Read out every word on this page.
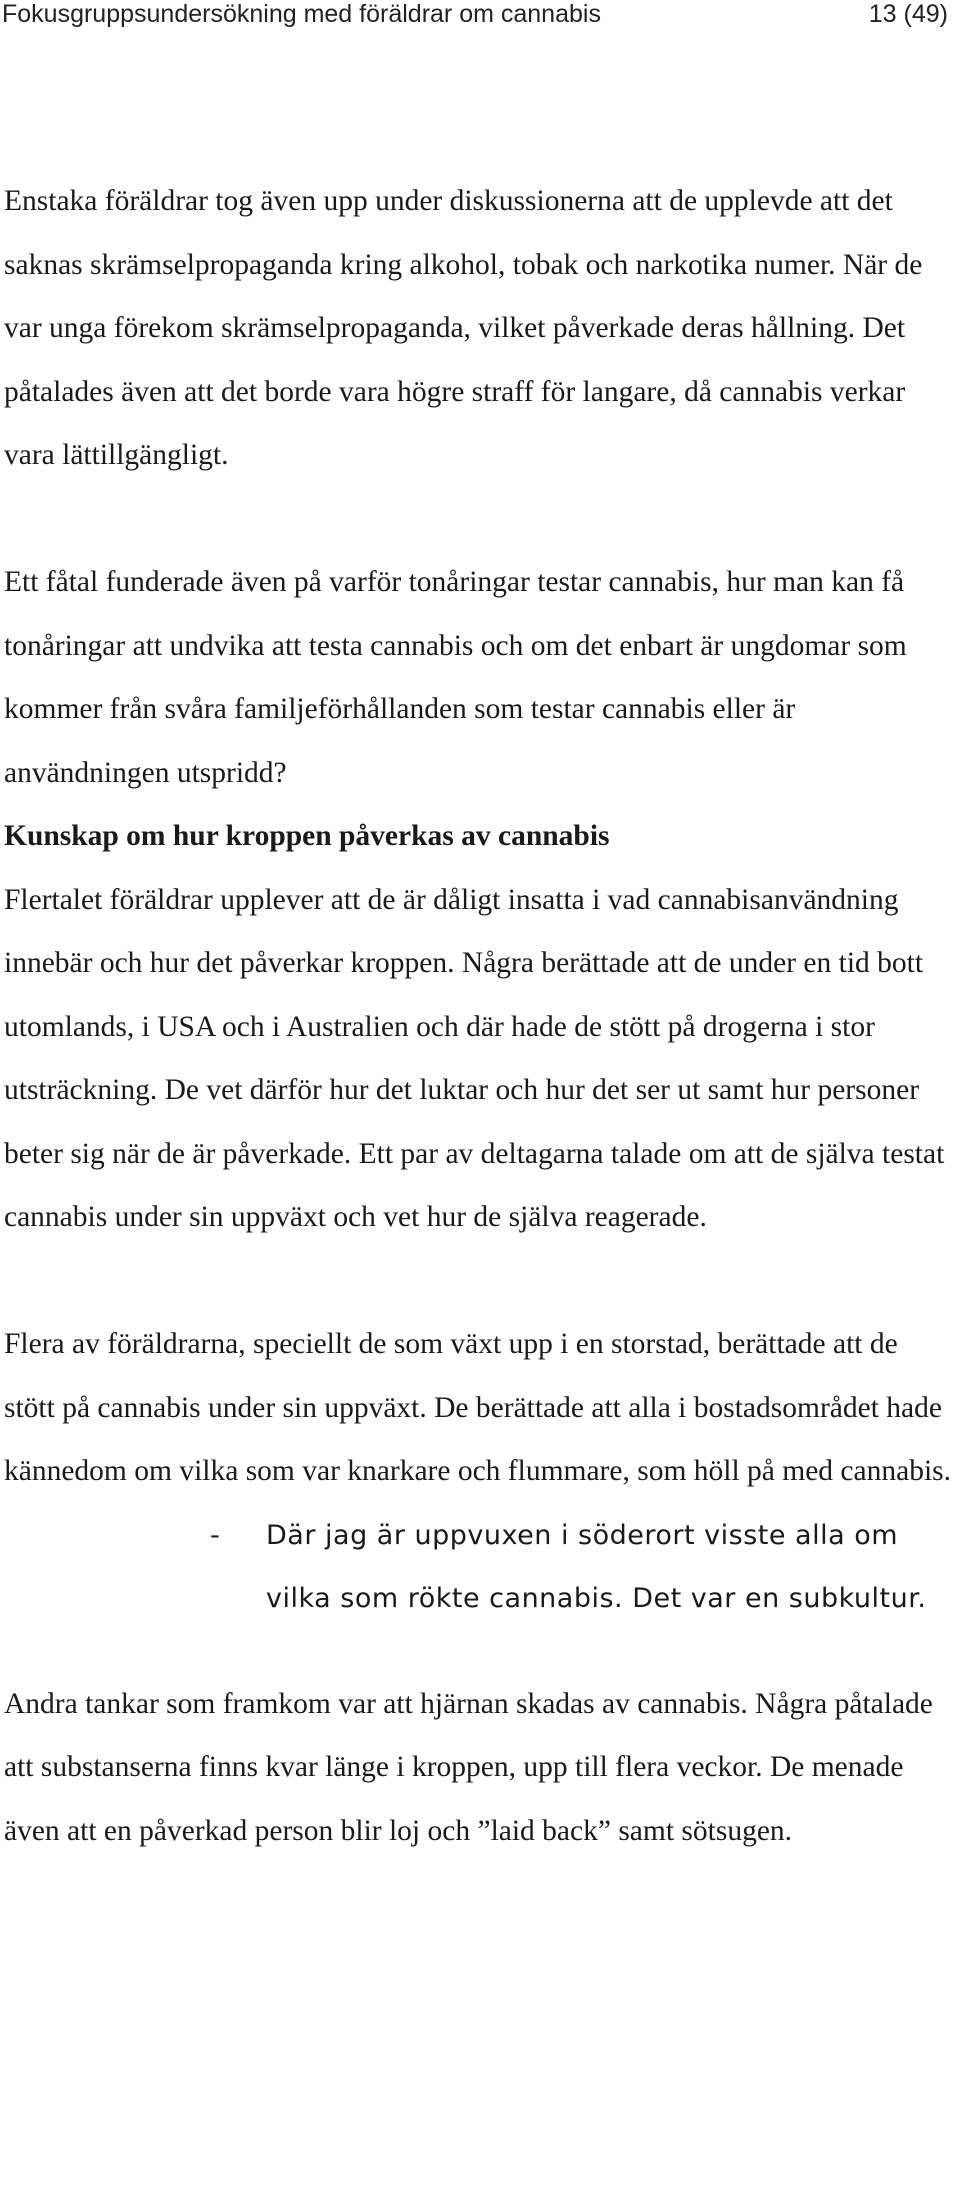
Fokusgruppsundersökning med föräldrar om cannabis	13 (49)

Enstaka föräldrar tog även upp under diskussionerna att de upplevde att det saknas skrämselpropaganda kring alkohol, tobak och narkotika numer. När de var unga förekom skrämselpropaganda, vilket påverkade deras hållning. Det påtalades även att det borde vara högre straff för langare, då cannabis verkar vara lättillgängligt.

Ett fåtal funderade även på varför tonåringar testar cannabis, hur man kan få tonåringar att undvika att testa cannabis och om det enbart är ungdomar som kommer från svåra familjeförhållanden som testar cannabis eller är användningen utspridd?

Kunskap om hur kroppen påverkas av cannabis

Flertalet föräldrar upplever att de är dåligt insatta i vad cannabisanvändning innebär och hur det påverkar kroppen. Några berättade att de under en tid bott utomlands, i USA och i Australien och där hade de stött på drogerna i stor utsträckning. De vet därför hur det luktar och hur det ser ut samt hur personer beter sig när de är påverkade. Ett par av deltagarna talade om att de själva testat cannabis under sin uppväxt och vet hur de själva reagerade.

Flera av föräldrarna, speciellt de som växt upp i en storstad, berättade att de stött på cannabis under sin uppväxt. De berättade att alla i bostadsområdet hade kännedom om vilka som var knarkare och flummare, som höll på med cannabis.

- Där jag är uppvuxen i söderort visste alla om vilka som rökte cannabis. Det var en subkultur.

Andra tankar som framkom var att hjärnan skadas av cannabis. Några påtalade att substanserna finns kvar länge i kroppen, upp till flera veckor. De menade även att en påverkad person blir loj och ”laid back” samt sötsugen.
